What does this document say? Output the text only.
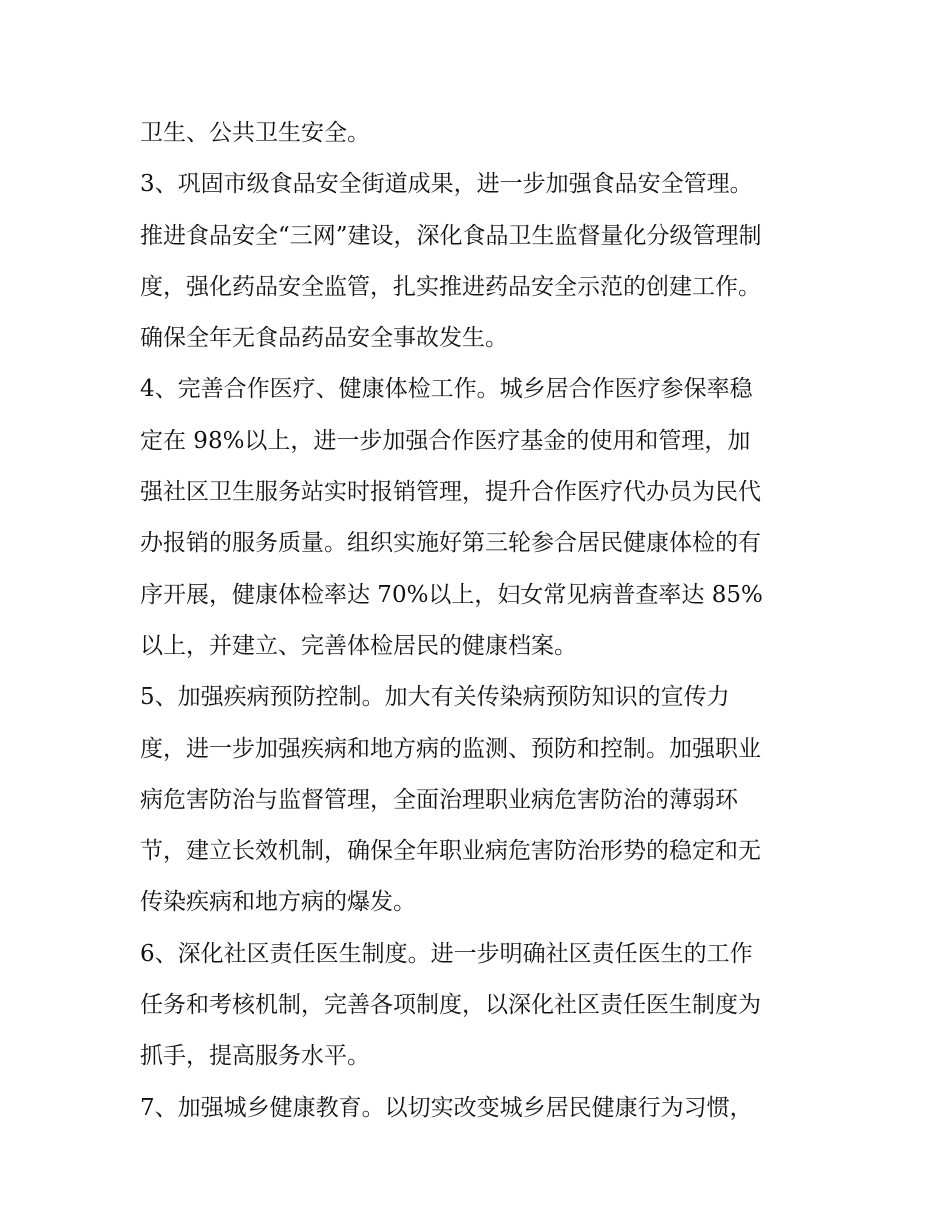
卫生、公共卫生安全。
3、巩固市级食品安全街道成果，进一步加强食品安全管理。
推进食品安全“三网”建设，深化食品卫生监督量化分级管理制
度，强化药品安全监管，扎实推进药品安全示范的创建工作。
确保全年无食品药品安全事故发生。
4、完善合作医疗、健康体检工作。城乡居合作医疗参保率稳
定在 98%以上，进一步加强合作医疗基金的使用和管理，加
强社区卫生服务站实时报销管理，提升合作医疗代办员为民代
办报销的服务质量。组织实施好第三轮参合居民健康体检的有
序开展，健康体检率达 70%以上，妇女常见病普查率达 85%
以上，并建立、完善体检居民的健康档案。
5、加强疾病预防控制。加大有关传染病预防知识的宣传力
度，进一步加强疾病和地方病的监测、预防和控制。加强职业
病危害防治与监督管理，全面治理职业病危害防治的薄弱环
节，建立长效机制，确保全年职业病危害防治形势的稳定和无
传染疾病和地方病的爆发。
6、深化社区责任医生制度。进一步明确社区责任医生的工作
任务和考核机制，完善各项制度，以深化社区责任医生制度为
抓手，提高服务水平。
7、加强城乡健康教育。以切实改变城乡居民健康行为习惯，
